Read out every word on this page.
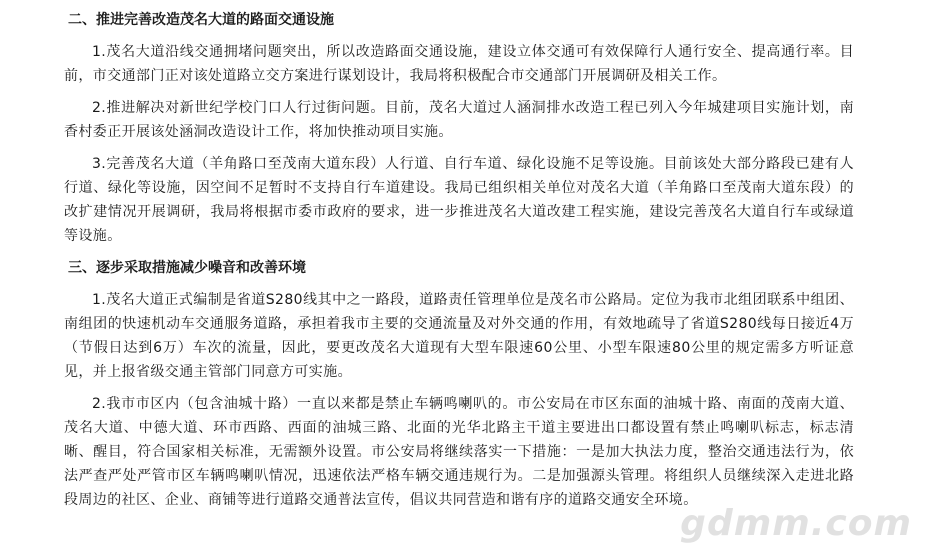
二、推进完善改造茂名大道的路面交通设施

1.茂名大道沿线交通拥堵问题突出，所以改造路面交通设施，建设立体交通可有效保障行人通行安全、提高通行率。目前，市交通部门正对该处道路立交方案进行谋划设计，我局将积极配合市交通部门开展调研及相关工作。

2.推进解决对新世纪学校门口人行过街问题。目前，茂名大道过人涵洞排水改造工程已列入今年城建项目实施计划，南香村委正开展该处涵洞改造设计工作，将加快推动项目实施。

3.完善茂名大道（羊角路口至茂南大道东段）人行道、自行车道、绿化设施不足等设施。目前该处大部分路段已建有人行道、绿化等设施，因空间不足暂时不支持自行车道建设。我局已组织相关单位对茂名大道（羊角路口至茂南大道东段）的改扩建情况开展调研，我局将根据市委市政府的要求，进一步推进茂名大道改建工程实施，建设完善茂名大道自行车或绿道等设施。

三、逐步采取措施减少噪音和改善环境

1.茂名大道正式编制是省道S280线其中之一路段，道路责任管理单位是茂名市公路局。定位为我市北组团联系中组团、南组团的快速机动车交通服务道路，承担着我市主要的交通流量及对外交通的作用，有效地疏导了省道S280线每日接近4万（节假日达到6万）车次的流量，因此，要更改茂名大道现有大型车限速60公里、小型车限速80公里的规定需多方听证意见，并上报省级交通主管部门同意方可实施。

2.我市市区内（包含油城十路）一直以来都是禁止车辆鸣喇叭的。市公安局在市区东面的油城十路、南面的茂南大道、茂名大道、中德大道、环市西路、西面的油城三路、北面的光华北路主干道主要进出口都设置有禁止鸣喇叭标志，标志清晰、醒目，符合国家相关标准，无需额外设置。市公安局将继续落实一下措施：一是加大执法力度，整治交通违法行为，依法严查严处严管市区车辆鸣喇叭情况，迅速依法严格车辆交通违规行为。二是加强源头管理。将组织人员继续深入走进北路段周边的社区、企业、商铺等进行道路交通普法宣传，倡议共同营造和谐有序的道路交通安全环境。

gdmm.com
